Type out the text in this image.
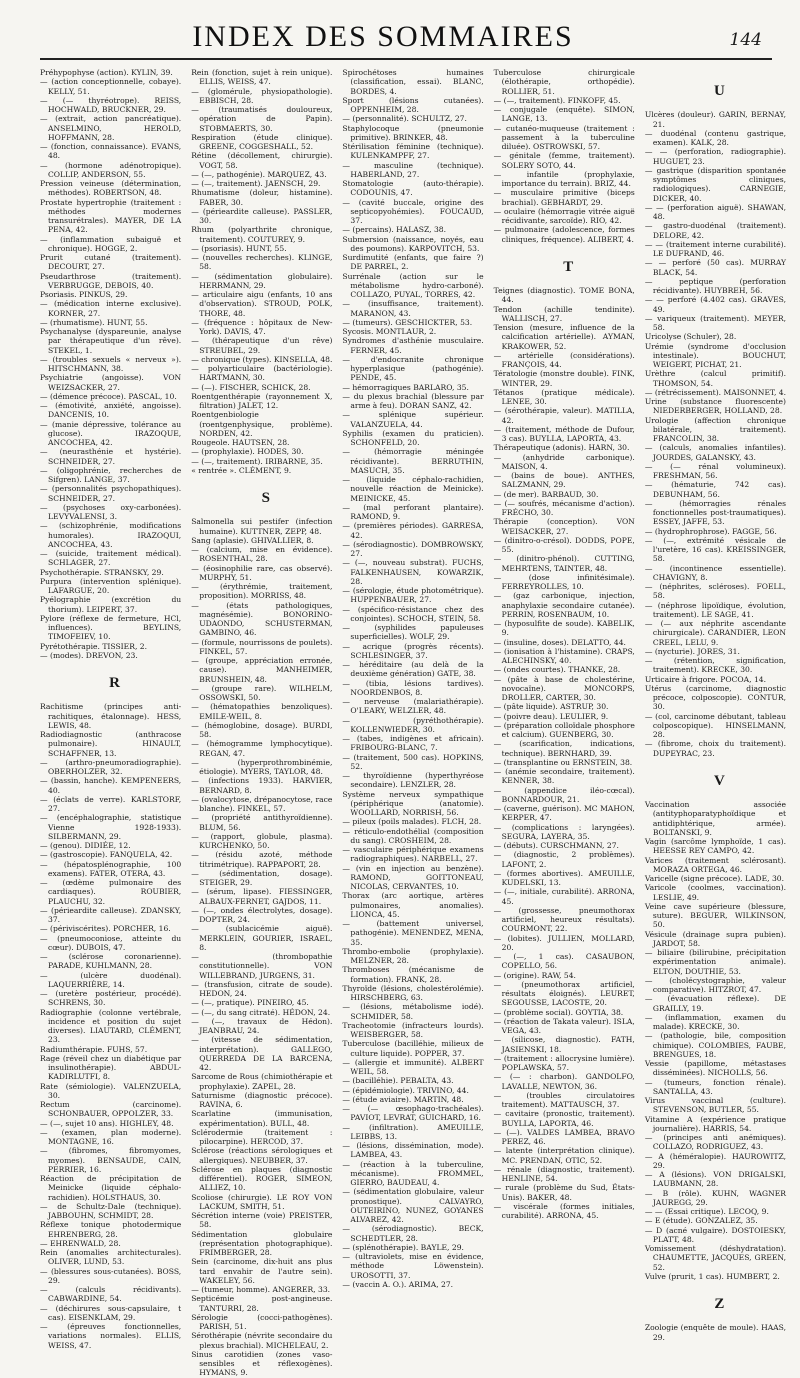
INDEX DES SOMMAIRES	144

Préhypophyse (action). KYLIN, 39.

— (action conceptionnelle, cobaye). KELLY, 51.

— (— thyréotrope). REISS, HOCHWALD, BRUCKNER, 29.

— (extrait, action pancréatique). ANSELMINO, HEROLD, HOFFMANN, 28.

— (fonction, connaissance). EVANS, 48.

— (hormone adénotropique). COLLIP, ANDERSON, 55.

Pression veineuse (détermination, méthodes). ROBERTSON, 48.

Prostate hypertrophie (traitement : méthodes modernes transurétrales). MAYER, DE LA PENA, 42.

— (inflammation subaiguë et chronique). HOGGE, 2.

Prurit cutané (traitement). DECOURT, 27.

Pseudarthrose (traitement). VERBRUGGE, DEBOIS, 40.

Psoriasis. PINKUS, 29.

— (médication interne exclusive). KORNER, 27.

— (rhumatisme). HUNT, 55.

Psychanalyse (dyspareunie, analyse par thérapeutique d'un rêve). STEKEL, 1.

— (troubles sexuels « nerveux »). HITSCHMANN, 38.

Psychiatrie (angoisse). VON WEIZSACKER, 27.

— (démence précoce). PASCAL, 10.

— (émotivité, anxiété, angoisse). DANCENIS, 10.

— (manie dépressive, tolérance au glucose). IRAZOQUE, ANCOCHEA, 42.

— (neurasthénie et hystérie). SCHNEIDER, 27.

— (oligophrénie, recherches de Sifgren). LANGE, 37.

— (personnalités psychopathiques). SCHNEIDER, 27.

— (psychoses oxy-carbonées). LEVYVALENSI, 3.

— (schizophrénie, modifications humorales). IRAZOQUI, ANCOCHEA, 43.

— (suicide, traitement médical). SCHLAGER, 27.

Psychothérapie. STRANSKY, 29.

Purpura (intervention splénique). LAFARGUE, 20.

Pyélographie (excrétion du thorium). LEIPERT, 37.

Pylore (réflexe de fermeture, HCl, influences). BEYLINS, TIMOFEIEV, 10.

Pyrétothérapie. TISSIER, 2.

— (modes). DREVON, 23.

R

Rachitisme (principes anti-rachitiques, étalonnage). HESS, LEWIS, 48.

Radiodiagnostic (anthracose pulmonaire). HINAULT, SCHAFFNER, 13.

— (arthro-pneumoradiographie). OBERHOLZER, 32.

— (bassin, hanche). KEMPENEERS, 40.

— (éclats de verre). KARLSTORF, 27.

— (encéphalographie, statistique Vienne 1928-1933). SILBERMANN, 29.

— (genou). DIDIÉE, 12.

— (gastroscopie). FANQUELA, 42.

— (hépatosplénographie, 100 examens). FATER, OTERA, 43.

— (œdème pulmonaire des cardiaques). ROUBIER, PLAUCHU, 32.

— (périeardite calleuse). ZDANSKY, 37.

— (périviscérites). PORCHER, 16.

— (pneumoconiose, atteinte du cœur). DUBOIS, 47.

— (sclérose coronarienne). PARADE, KUHLMANN, 28.

— (ulcère duodénal). LAQUERRIÈRE, 14.

— (uretère postérieur, procédé). SCHRENS, 30.

Radiographie (colonne vertébrale, incidence et position du sujet diverses). LIAUTARD, CLÉMENT, 23.

Radiumthérapie. FUHS, 57.

Rage (réveil chez un diabétique par insulinothérapie). ABDUL-KADIRLUTFI, 8.

Rate (sémiologie). VALENZUELA, 30.

Rectum (carcinome). SCHONBAUER, OPPOLZER, 33.

— (—, sujet 10 ans). HIGHLEY, 48.

— (examen, plan moderne). MONTAGNE, 16.

— (fibromes, fibromyomes, myomes). BENSAUDE, CAIN, PERRIER, 16.

Réaction de précipitation de Meinicke (liquide céphalo-rachidien). HOLSTHAUS, 30.

— de Schultz-Dale (technique). JABBOUHN, SCHMIDT, 28.

Réflexe tonique photodermique EHRENBERG, 28.

— EHRENWALD, 28.

Rein (anomalies architecturales). OLIVER, LUND, 53.

— (blessures sous-cutanées). BOSS, 29.

— (calculs récidivants). CABWARDINE, 54.

— (déchirures sous-capsulaire, t cas). EISENKLAM, 29.

— (épreuves fonctionnelles, variations normales). ELLIS, WEISS, 47.

Rein (fonction, sujet à rein unique). ELLIS, WEISS, 47.

— (glomérule, physiopathologie). EBBISCH, 28.

— (traumatisés douloureux, opération de Papin). STOBMAERTS, 30.

Respiration (étude clinique). GREENE, COGGESHALL, 52.

Rétine (décollement, chirurgie). VOGT, 58.

— (—, pathogénie). MARQUEZ, 43.

— (—, traitement). JAENSCH, 29.

Rhumatisme (doleur, histamine). FABER, 30.

— (périeardite calleuse). PASSLER, 30.

Rhum (polyarthrite chronique, traitement). COUTUREY, 9.

— (psoriasis). HUNT, 55.

— (nouvelles recherches). KLINGE, 58.

— (sédimentation globulaire). HERRMANN, 29.

— articulaire aigu (enfants, 10 ans d'observation). STROUD, POLK, THORE, 48.

— (fréquence : hôpitaux de New-York). DAVIS, 47.

— (thérapeutique d'un rêve) STREUBEL, 29.

— chronique (types). KINSELLA, 48.

— polyarticulaire (bactériologie). HARTMANN, 30.

— (—). FISCHER, SCHICK, 28.

Roentgenthérapie (rayonnement X, filtration) JALET, 12.

Roentgenbiologie (roentgenphysique, problème). NORDEN, 42.

Rougeole. HAUTSEN, 28.

— (prophylaxie). HODES, 30.

— (—, traitement). IRIBARNE, 35.

« rentrée ». CLÉMENT, 9.

S

Salmonella sui pestifer (infection humaine). KUTTNER, ZEPP, 48.

Sang (aplasie). GHIVALLIER, 8.

— (calcium, mise en évidence). ROSENTHAL, 28.

— (éosinophilie rare, cas observé). MURPHY, 51.

— (érythrémie, traitement, proposition). MORRISS, 48.

— (états pathologiques, magnésémie). BONORINO-UDAONDO, SCHUSTERMAN, GAMBINO, 46.

— (formule, nourrissons de poulets). FINKEL, 57.

— (groupe, appréciation erronée, cause). MANHEIMER, BRUNSHEIN, 48.

— (groupe rare). WILHELM, OSSOWSKI, 50.

— (hématopathies benzoliques). EMILE-WEIL, 8.

— (hémoglobine, dosage). BURDI, 58.

— (hémogramme lymphocytique). REGAN, 47.

— (hyperprothrombinémie, étiologie). MYERS, TAYLOR, 48.

— (infections 1933). HARVIER, BERNARD, 8.

— (ovalocytose, drépanocytose, race blanche). FINKEL, 57.

— (propriété antithyroïdienne). BLUM, 56.

— (rapport, globule, plasma). KURCHENKO, 50.

— (résidu azoté, méthode titrimétrique). RAPPAPORT, 28.

— (sédimentation, dosage). STEIGER, 29.

— (sérum, lipase). FIESSINGER, ALBAUX-FERNET, GAJDOS, 11.

— (—, ondes électrolytes, dosage). DOPTER, 24.

— (sublacicémie aiguë). MERKLEIN, GOURIER, ISRAEL, 8.

— (thrombopathie constitutionnelle). VON WILLEBRAND, JURGENS, 31.

— (transfusion, citrate de soude). HEDON, 24.

— (—, pratique). PINEIRO, 45.

— (—, du sang citraté). HÉDON, 24.

— (—, travaux de Hédon). JEANBRAU, 24.

— (vitesse de sédimentation, interprétation). GALLEGO, QUERREDA DE LA BARCENA, 42.

Sarcome de Rous (chimiothérapie et prophylaxie). ZAPEL, 28.

Saturnisme (diagnostic précoce). RAVINA, 6.

Scarlatine (immunisation, expérimentation). BULL, 48.

Sclérodermie (traitement : pilocarpine). HERCOD, 37.

Sclérose (réactions sérologiques et allergiques). NEUBBER, 37.

Sclérose en plaques (diagnostic différentiel). ROGER, SIMEON, ALLIEZ, 10.

Scoliose (chirurgie). LE ROY VON LACKUM, SMITH, 51.

Sécrétion interne (voie) PREISTER, 58.

Sédimentation globulaire (représentation photographique). FRIMBERGER, 28.

Sein (carcinome, dix-huit ans plus tard envahir de l'autre sein). WAKELEY, 56.

— (tumeur, homme). ANGERER, 33.

Septicémie post-angineuse. TANTURRI, 28.

Sérologie (cocci-pathogènes). PARISH, 51.

Sérothérapie (névrite secondaire du plexus brachial). MICHELEAU, 2.

Sinus carotidien (zones vaso-sensibles et réflexogènes). HYMANS, 9.

Spirochétoses humaines (classification, essai). BLANC, BORDES, 4.

Sport (lésions cutanées). OPPENHEIM, 28.

— (personnalité). SCHULTZ, 27.

Staphylocoque (pneumonie primitive). BRINKER, 48.

Stérilisation féminine (technique). KULENKAMPFF, 27.

— masculine (technique). HABERLAND, 27.

Stomatologie (auto-thérapie). CODOUNIS, 47.

— (cavité buccale, origine des septicopyohémies). FOUCAUD, 37.

— (percains). HALASZ, 38.

Submersion (naissance, noyés, eau des poumons). KARPOVITCH, 53.

Surdimutité (enfants, que faire ?) DE PARREL, 2.

Surrénale (action sur le métabolisme hydro-carboné). COLLAZO, PUYAL, TORRES, 42.

— (insuffisance, traitement). MARANON, 43.

— (tumeurs). GESCHICKTER, 53.

Sycosis. MONTLAUR, 2.

Syndromes d'asthénie musculaire. FERNER, 45.

— d'endocranite chronique hyperplasique (pathogénie). PENDE, 45.

— hémorragiques BARLARO, 35.

— du plexus brachial (blessure par arme à feu). DORAN SANZ, 42.

— splénique supérieur. VALANZUELA, 44.

Syphilis (examen du praticien). SCHONFELD, 20.

— (hémorragie méningée récidivante). BERRUTHIN, MASUCH, 35.

— (liquide céphalo-rachidien, nouvelle réaction de Meinicke). MEINICKE, 45.

— (mal perforant plantaire). RAMOND, 9.

— (premières périodes). GARRESA, 42.

— (sérodiagnostic). DOMBROWSKY, 27.

— (—, nouveau substrat). FUCHS, FALKENHAUSEN, KOWARZIK, 28.

— (sérologie, étude photométrique). HUPPENBAUER, 27.

— (spécifico-résistance chez des conjointes). SCHOCH, STEIN, 58.

— (syphilides papuleuses superficielles). WOLF, 29.

— acrique (progrès récents). SCHLESINGER, 37.

— héréditaire (au delà de la deuxième génération) GATE, 38.

— (tibia, lésions tardives). NOORDENBOS, 8.

— nerveuse (malariathérapie). O'LEARY, WELZLER, 48.

— (pyréthothérapie). KOLLENWIEDER, 30.

— (tabes, indigènes et africain). FRIBOURG-BLANC, 7.

— (traitement, 500 cas). HOPKINS, 52.

— thyroïdienne (hyperthyréose secondaire). LENZLER, 28.

Système nerveux sympathique (périphérique (anatomie). WOOLLARD, NORRISH, 56.

— pileux (poils malades). FLCH, 28.

— réticulo-endothélial (composition du sang). CROSHEIM, 28.

— vasculaire périphérique examens radiographiques). NARBELL, 27.

— (vin en injection au benzène). RAMOND, GOITTONEAU, NICOLAS, CERVANTES, 10.

Thorax (arc aortique, artères pulmonaires, anomalies). LIONCA, 45.

— (battement universel, pathogénie). MENENDEZ, MENA, 35.

Thrombo-embolie (prophylaxie). MELZNER, 28.

Thromboses (mécanisme de formation). FRANK, 28.

Thyroïde (lésions, cholestérolémie). HIRSCHBERG, 63.

— (lésions, métabolisme iodé). SCHMIDER, 58.

Tracheotomie (infracteurs lourds). WEISBERGER, 58.

Tuberculose (bacilléhie, milieux de culture liquide). POPPER, 37.

— (allergie et immunité). ALBERT WEIL, 58.

— (bacilléhie). PEBALTA, 43.

— (épidémiologie). TRIVINO, 44.

— (étude aviaire). MARTIN, 48.

— (— œsophago-trachéales). PAVIOT, LEVRAT, GUICHARD, 16.

— (infiltration). AMEUILLE, LEIBBS, 13.

— (lésions, dissémination, mode). LAMBEA, 43.

— (réaction à la tuberculine, mécanisme). FROMMEL, GIERRO, BAUDEAU, 4.

— (sédimentation globulaire, valeur pronostique). CALVAYRO, OUTEIRINO, NUNEZ, GOYANES ALVAREZ, 42.

— (sérodiagnostic). BECK, SCHEDTLER, 28.

— (splénothérapie). BAYLE, 29.

— (ultraviolets, mise en évidence, méthode Löwenstein). UROSOTTI, 37.

— (vaccin A. O.). ARIMA, 27.

Tuberculose chirurgicale (élothérapie, orthopédie). ROLLIER, 51.

— (—, traitement). FINKOFF, 45.

— conjugale (enquête). SIMON, LANGE, 13.

— cutanéo-muqueuse (traitement : passement à la tuberculine diluée). OSTROWSKI, 57.

— génitale (femme, traitement). SOLERY SOTO, 44.

— infantile (prophylaxie, importance du terrain). BRIZ, 44.

— musculaire primitive (biceps brachial). GEBHARDT, 29.

— oculaire (hémorragie vitrée aiguë récidivante, sarcoïde). RIO, 42.

— pulmonaire (adolescence, formes cliniques, fréquence). ALIBERT, 4.

T

Teignes (diagnostic). TOME BONA, 44.

Tendon (achille tendinite). WALLISCH, 27.

Tension (mesure, influence de la calcification artérielle). AYMAN, KRAKOWER, 52.

— artérielle (considérations). FRANÇOIS, 44.

Tératologie (monstre double). FINK, WINTER, 29.

Tétanos (pratique médicale). LENEE, 30.

— (sérothérapie, valeur). MATILLA, 42.

— (traitement, méthode de Dufour, 3 cas). BUYLLA, LAPORTA, 43.

Thérapeutique (adonis). HARN, 30.

— (anhydride carbonique). MAISON, 4.

— (bains de boue). ANTHES, SALZMANN, 29.

— (de mer). BARBAUD, 30.

— (— soufrés, mécanisme d'action). FRÉCHO, 30.

Thérapie (conception). VON WEISACKER, 27.

— (dinitro-o-crésol). DODDS, POPE, 55.

— (dinitro-phénol). CUTTING, MEHRTENS, TAINTER, 48.

— (dose infinitésimale). FERREYROLLES, 10.

— (gaz carbonique, injection, anaphylaxie secondaire cutanée). PERRIN, ROSENBAUM, 10.

— (hyposulfite de soude). KABELIK, 9.

— (insuline, doses). DELATTO, 44.

— (ionisation à l'histamine). CRAPS, ALECHINSKY, 40.

— (ondes courtes). THANKE, 28.

— (pâte à base de cholestérine, novocaïne). MONCORPS, DROLLER, CARTER, 30.

— (pâte liquide). ASTRUP, 30.

— (poivre deau). LEULIER, 9.

— (préparation colloïdale phosphore et calcium). GUENBERG, 30.

— (scarification, indications, technique). BERNHARD, 39.

— (transplantine ou ERNSTEIN, 38.

— (anémie secondaire, traitement). KENNER, 38.

— (appendice iléo-cœcal). BONNARDOUR, 21.

— (caverne, guérison). MC MAHON, KERPER, 47.

— (complications : laryngées). SEGURA, LAYERA, 35.

— (débuts). CURSCHMANN, 27.

— (diagnostic, 2 problèmes). LAFONT, 2.

— (formes abortives). AMEUILLE, KUDELSKI, 13.

— (—, initiale, curabilité). ARRONA, 45.

— (grossesse, pneumothorax artificiel, heureux résultats). COURMONT, 22.

— (lobites). JULLIEN, MOLLARD, 20.

— (—, 1 cas). CASAUBON, COPELLO, 56.

— (origine). RAW, 54.

— (pneumothorax artificiel, résultats éloignés). LEURET, SEGOUSSE, LACOSTE, 20.

— (problème social). GOYTIA, 38.

— (réaction de Takata valeur). ISLA, VEGA, 43.

— (silicose, diagnostic). FATH, JASIENSKI, 18.

— (traitement : allocrysine lumière). POPLAWSKA, 57.

— (— : charbon). GANDOLFO, LAVALLE, NEWTON, 36.

— (troubles circulatoires traitement). MATTAUSCH, 37.

— cavitaire (pronostic, traitement). BUYLLA, LAPORTA, 46.

— (—). VALDES LAMBEA, BRAVO PEREZ, 46.

— latente (interprétation clinique). MC. PRENDAN, OTIC, 52.

— rénale (diagnostic, traitement). HENLINE, 54.

— rurale (problème du Sud, États-Unis). BAKER, 48.

— viscérale (formes initiales, curabilité). ARRONA, 45.

U

Ulcères (douleur). GARIN, BERNAY, 21.

— duodénal (contenu gastrique, examen). KALK, 28.

— — (perforation, radiographie). HUGUET, 23.

— gastrique (disparition spontanée symptômes cliniques, radiologiques). CARNEGIE, DICKER, 40.

— — (perforation aiguë). SHAWAN, 48.

— gastro-duodénal (traitement). DELORE, 42.

— — (traitement interne curabilité). LE DUFRAND, 46.

— — perforé (50 cas). MURRAY BLACK, 54.

— peptique (perforation récidivante). HUYBREH, 56.

— — perforé (4.402 cas). GRAVES, 49.

— variqueux (traitement). MEYER, 58.

Uricolyse (Schuler), 28.

Urémie (syndrome d'occlusion intestinale). BOUCHUT, WEIGERT, PICHAT, 21.

Urèthre (calcul primitif). THOMSON, 54.

— (rétrécissement). MAISONNET, 4.

Urine (substance fluorescente) NIEDERBERGER, HOLLAND, 28.

Urologie (affection chronique bilatérale, traitement). FRANCOLIN, 38.

— (calculs, anomalies infantiles). JOURDES, GALANSKY, 43.

— (— rénal volumineux). FRESHMAN, 56.

— (hématurie, 742 cas). DEBUNHAM, 56.

— (hémorragies rénales fonctionnelles post-traumatiques). ESSEY, JAFFE, 53.

— (hydrophrophrose). FAGGE, 56.

— (—, extrémité vésicale de l'uretère, 16 cas). KREISSINGER, 58.

— (incontinence essentielle). CHAVIGNY, 8.

— (néphrites, scléroses). FOELL, 58.

— (néphrose lipoïdique, évolution, traitement). LE SAGE, 41.

— (— aux néphrite ascendante chirurgicale). CARANDIER, LEON CREEL, LELU, 9.

— (nycturie). JORES, 31.

— (rétention, signification, traitement). KRECKE, 30.

Urticaire à frigore. POCOA, 14.

Utérus (carcinome, diagnostic précoce, colposcopie). CONTUR, 30.

— (col, carcinome débutant, tableau colposcopique). HINSELMANN, 28.

— (fibrome, choix du traitement). DUPEYRAC, 23.

V

Vaccination associée (antityphoparatyphoïdique et antidiphtérique, armée). BOLTANSKI, 9.

Vagin (sarcôme lymphoïde, 1 cas). HEESSE REY CAMPO, 42.

Varices (traitement sclérosant). MORAZA ORTEGA, 46.

Varicelle (signe précoce). LADE, 30.

Varicole (coolmes, vaccination). LESLIE, 49.

Veine cave supérieure (blessure, suture). BEGUER, WILKINSON, 50.

Vésicule (drainage supra pubien). JARDOT, 58.

— biliaire (bilirubine, précipitation expérimentation animale). ELTON, DOUTHIE, 53.

— (cholécystographie, valeur comparative). HITZROT, 47.

— (évacuation réflexe). DE GRAILLY, 19.

— (inflammation, examen du malade). KRECKE, 30.

— (pathologie, bile, composition chimique). COLOMBIES, FAUBE, BRENGUES, 18.

Vessie (papillome, métastases disséminées). NICHOLLS, 56.

— (tumeurs, fonction rénale). SANTALLA, 43.

Virus vaccinal (culture). STEVENSON, BUTLER, 55.

Vitamine A (expérience pratique journalière). HARRIS, 54.

— (principes anti anémiques). COLLAZO, RODRIGUEZ, 43.

— A (héméralopie). HAUROWITZ, 29.

— A (lésions). VON DRIGALSKI, LAUBMANN, 28.

— B (rôle). KUHN, WAGNER JAUREGG, 29.

— — (Essai critique). LECOQ, 9.

— E (étude). GONZALEZ, 35.

— D (acné vulgaire). DOSTOIESKY, PLATT, 48.

Vomissement (déshydratation). CHAUMETTE, JACQUES, GREEN, 52.

Vulve (prurit, 1 cas). HUMBERT, 2.

Z

Zoologie (enquête de moule). HAAS, 29.
